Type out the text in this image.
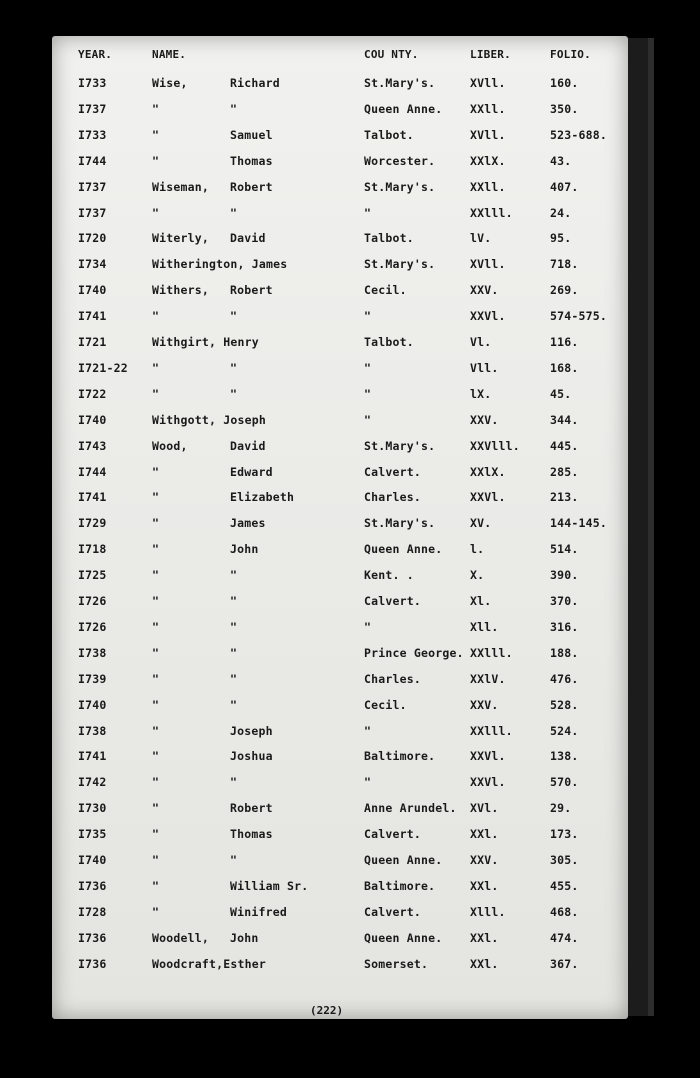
YEAR.	NAME.	COU NTY.	LIBER.	FOLIO.
I733	Wise,	Richard	St.Mary's.	XVll.	160.
I737	"	"	Queen Anne. XXll.	350.
I733	"	Samuel	Talbot.	XVll.	523-688.
I744	"	Thomas	Worcester.	XXlX.	43.
I737	Wiseman, Robert	St.Mary's.	XXll.	407.
I737	"	"	"	XXlll.	24.
I720	Witerly, David	Talbot.	lV.	95.
I734	Witherington, James	St.Mary's.	XVll.	718.
I740	Withers, Robert	Cecil.	XXV.	269.
I741	"	"	"	XXVl.	574-575.
I721	Withgirt, Henry	Talbot.	Vl.	116.
I721-22 "	"	"	Vll.	168.
I722	"	"	"	lX.	45.
I740	Withgott, Joseph	"	XXV.	344.
I743	Wood,	David	St.Mary's.	XXVlll.	445.
I744	"	Edward	Calvert.	XXlX.	285.
I741	"	Elizabeth	Charles.	XXVl.	213.
I729	"	James	St.Mary's.	XV.	144-145.
I718	"	John	Queen Anne. l.	514.
I725	"	"	Kent. .	X.	390.
I726	"	"	Calvert.	Xl.	370.
I726	"	"	"	Xll.	316.
I738	"	"	Prince George. XXlll.	188.
I739	"	"	Charles.	XXlV.	476.
I740	"	"	Cecil.	XXV.	528.
I738	"	Joseph	"	XXlll.	524.
I741	"	Joshua	Baltimore.	XXVl.	138.
I742	"	"	"	XXVl.	570.
I730	"	Robert	Anne Arundel. XVl.	29.
I735	"	Thomas	Calvert.	XXl.	173.
I740	"	"	Queen Anne. XXV.	305.
I736	"	William Sr.	Baltimore.	XXl.	455.
I728	"	Winifred	Calvert.	Xlll.	468.
I736	Woodell, John	Queen Anne. XXl.	474.
I736	Woodcraft,Esther	Somerset.	XXl.	367.
(222)
